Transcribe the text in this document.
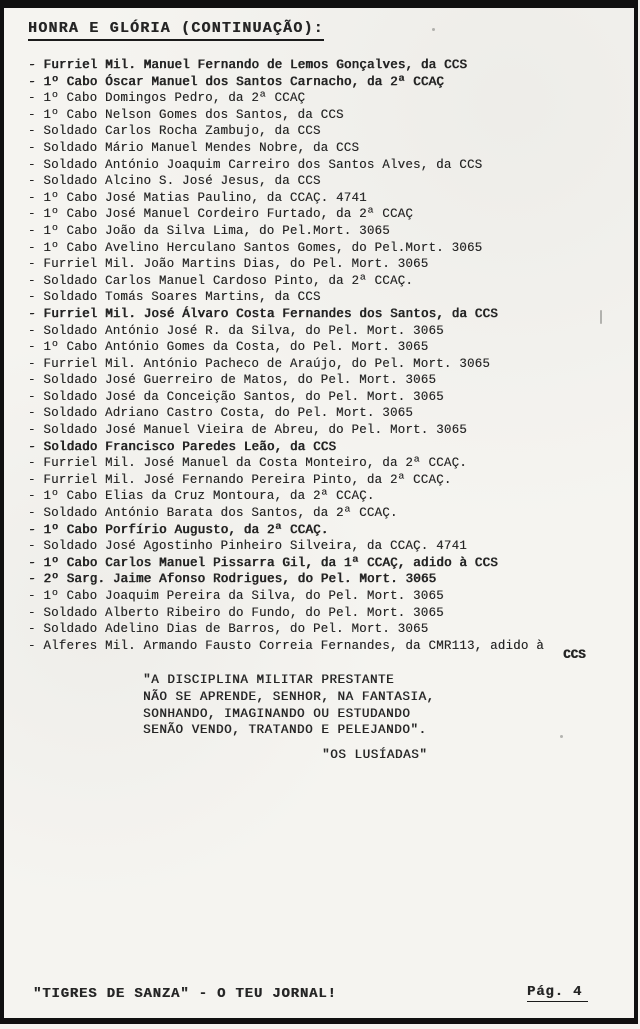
HONRA E GLÓRIA (CONTINUAÇÃO):
- Furriel Mil. Manuel Fernando de Lemos Gonçalves, da CCS
- 1º Cabo Óscar Manuel dos Santos Carnacho, da 2ª CCAÇ
- 1º Cabo Domingos Pedro, da 2ª CCAÇ
- 1º Cabo Nelson Gomes dos Santos, da CCS
- Soldado Carlos Rocha Zambujo, da CCS
- Soldado Mário Manuel Mendes Nobre, da CCS
- Soldado António Joaquim Carreiro dos Santos Alves, da CCS
- Soldado Alcino S. José Jesus, da CCS
- 1º Cabo José Matias Paulino, da CCAÇ. 4741
- 1º Cabo José Manuel Cordeiro Furtado, da 2ª CCAÇ
- 1º Cabo João da Silva Lima, do Pel.Mort. 3065
- 1º Cabo Avelino Herculano Santos Gomes, do Pel.Mort. 3065
- Furriel Mil. João Martins Dias, do Pel. Mort. 3065
- Soldado Carlos Manuel Cardoso Pinto, da 2ª CCAÇ.
- Soldado Tomás Soares Martins, da CCS
- Furriel Mil. José Álvaro Costa Fernandes dos Santos, da CCS
- Soldado António José R. da Silva, do Pel. Mort. 3065
- 1º Cabo António Gomes da Costa, do Pel. Mort. 3065
- Furriel Mil. António Pacheco de Araújo, do Pel. Mort. 3065
- Soldado José Guerreiro de Matos, do Pel. Mort. 3065
- Soldado José da Conceição Santos, do Pel. Mort. 3065
- Soldado Adriano Castro Costa, do Pel. Mort. 3065
- Soldado José Manuel Vieira de Abreu, do Pel. Mort. 3065
- Soldado Francisco Paredes Leão, da CCS
- Furriel Mil. José Manuel da Costa Monteiro, da 2ª CCAÇ.
- Furriel Mil. José Fernando Pereira Pinto, da 2ª CCAÇ.
- 1º Cabo Elias da Cruz Montoura, da 2ª CCAÇ.
- Soldado António Barata dos Santos, da 2ª CCAÇ.
- 1º Cabo Porfírio Augusto, da 2ª CCAÇ.
- Soldado José Agostinho Pinheiro Silveira, da CCAÇ. 4741
- 1º Cabo Carlos Manuel Pissarra Gil, da 1ª CCAÇ, adido à CCS
- 2º Sarg. Jaime Afonso Rodrigues, do Pel. Mort. 3065
- 1º Cabo Joaquim Pereira da Silva, do Pel. Mort. 3065
- Soldado Alberto Ribeiro do Fundo, do Pel. Mort. 3065
- Soldado Adelino Dias de Barros, do Pel. Mort. 3065
- Alferes Mil. Armando Fausto Correia Fernandes, da CMR113, adido à
CCS
"A DISCIPLINA MILITAR PRESTANTE
NÃO SE APRENDE, SENHOR, NA FANTASIA,
SONHANDO, IMAGINANDO OU ESTUDANDO
SENÃO VENDO, TRATANDO E PELEJANDO".
"OS LUSÍADAS"
"TIGRES DE SANZA" - O TEU JORNAL!	Pág. 4
